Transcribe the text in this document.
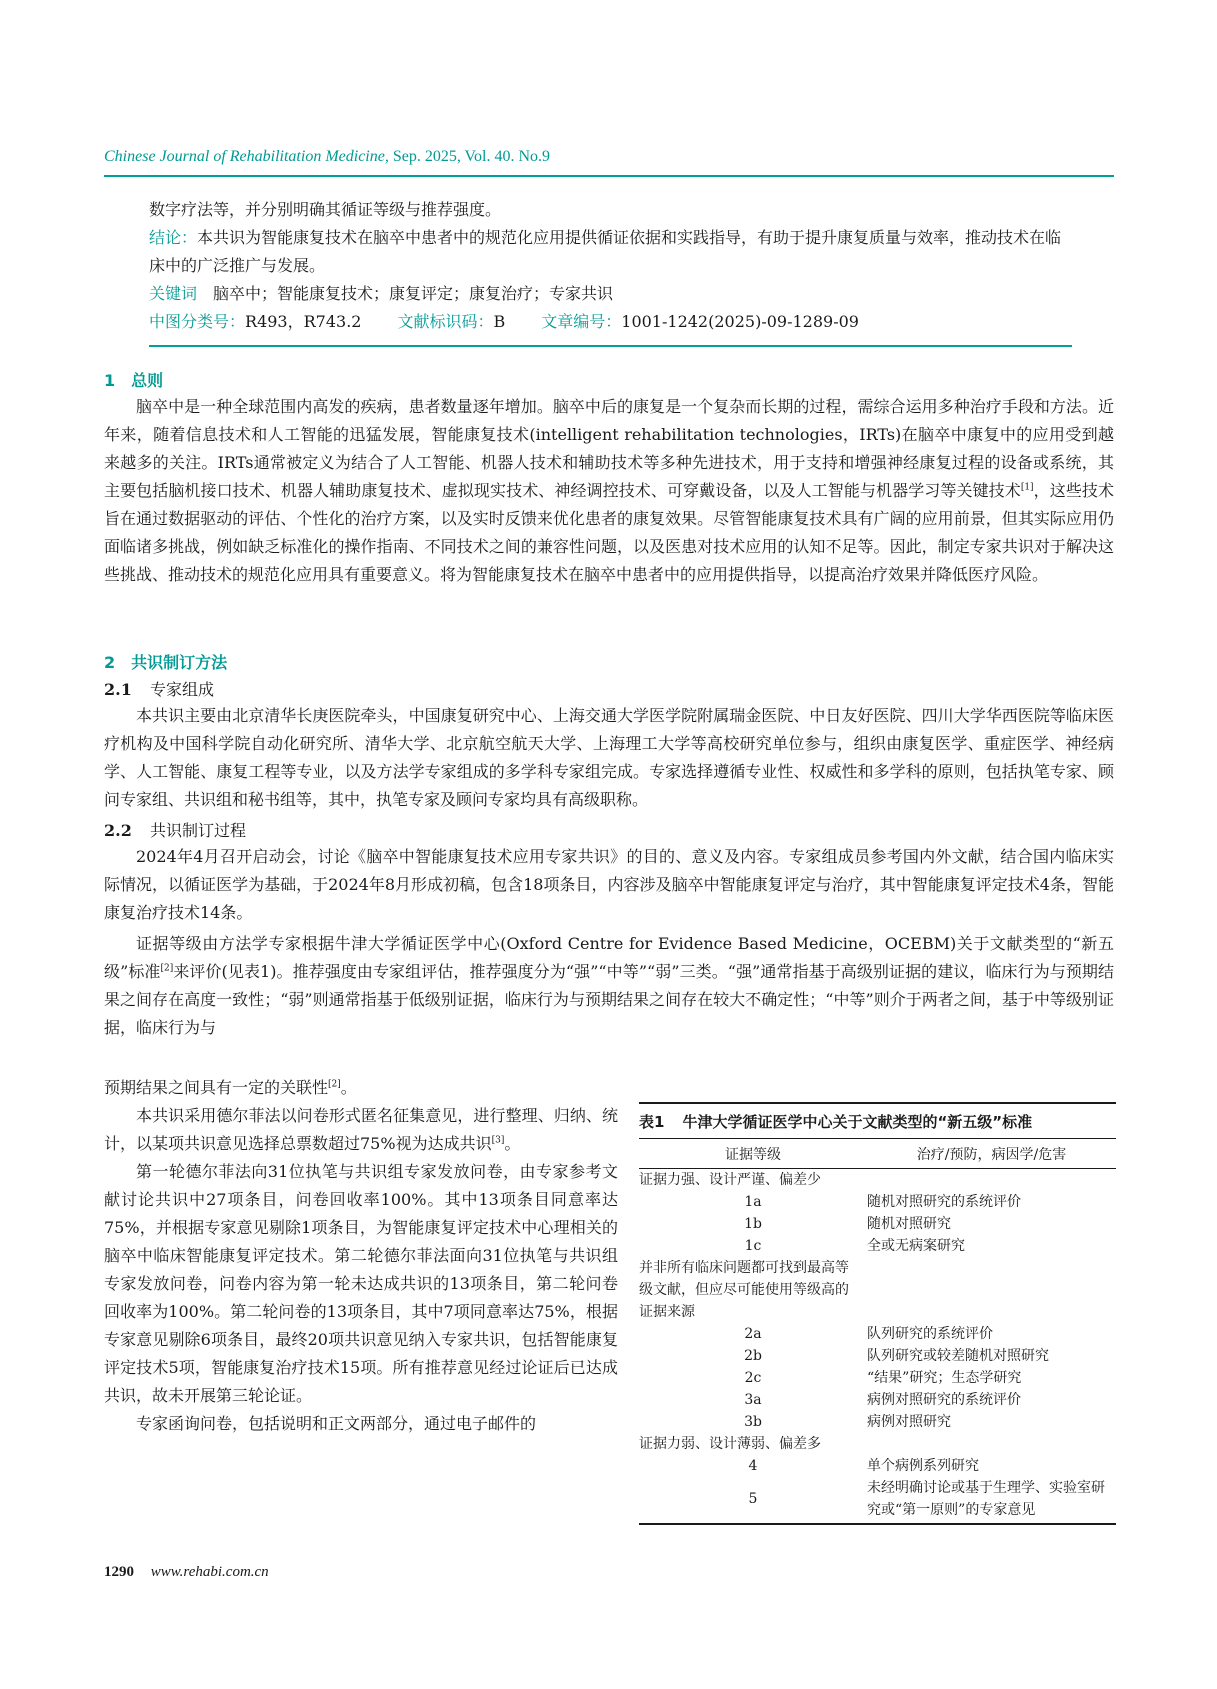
Chinese Journal of Rehabilitation Medicine, Sep. 2025, Vol. 40. No.9

数字疗法等，并分别明确其循证等级与推荐强度。

结论：本共识为智能康复技术在脑卒中患者中的规范化应用提供循证依据和实践指导，有助于提升康复质量与效率，推动技术在临床中的广泛推广与发展。

关键词 脑卒中；智能康复技术；康复评定；康复治疗；专家共识

中图分类号：R493，R743.2 文献标识码：B 文章编号：1001-1242(2025)-09-1289-09

1　总则
脑卒中是一种全球范围内高发的疾病，患者数量逐年增加。脑卒中后的康复是一个复杂而长期的过程，需综合运用多种治疗手段和方法。近年来，随着信息技术和人工智能的迅猛发展，智能康复技术(intelligent rehabilitation technologies，IRTs)在脑卒中康复中的应用受到越来越多的关注。IRTs通常被定义为结合了人工智能、机器人技术和辅助技术等多种先进技术，用于支持和增强神经康复过程的设备或系统，其主要包括脑机接口技术、机器人辅助康复技术、虚拟现实技术、神经调控技术、可穿戴设备，以及人工智能与机器学习等关键技术[1]，这些技术旨在通过数据驱动的评估、个性化的治疗方案，以及实时反馈来优化患者的康复效果。尽管智能康复技术具有广阔的应用前景，但其实际应用仍面临诸多挑战，例如缺乏标准化的操作指南、不同技术之间的兼容性问题，以及医患对技术应用的认知不足等。因此，制定专家共识对于解决这些挑战、推动技术的规范化应用具有重要意义。将为智能康复技术在脑卒中患者中的应用提供指导，以提高治疗效果并降低医疗风险。
2　共识制订方法
2.1 专家组成
本共识主要由北京清华长庚医院牵头，中国康复研究中心、上海交通大学医学院附属瑞金医院、中日友好医院、四川大学华西医院等临床医疗机构及中国科学院自动化研究所、清华大学、北京航空航天大学、上海理工大学等高校研究单位参与，组织由康复医学、重症医学、神经病学、人工智能、康复工程等专业，以及方法学专家组成的多学科专家组完成。专家选择遵循专业性、权威性和多学科的原则，包括执笔专家、顾问专家组、共识组和秘书组等，其中，执笔专家及顾问专家均具有高级职称。
2.2 共识制订过程
2024年4月召开启动会，讨论《脑卒中智能康复技术应用专家共识》的目的、意义及内容。专家组成员参考国内外文献，结合国内临床实际情况，以循证医学为基础，于2024年8月形成初稿，包含18项条目，内容涉及脑卒中智能康复评定与治疗，其中智能康复评定技术4条，智能康复治疗技术14条。
证据等级由方法学专家根据牛津大学循证医学中心(Oxford Centre for Evidence Based Medicine，OCEBM)关于文献类型的“新五级”标准[2]来评价(见表1)。推荐强度由专家组评估，推荐强度分为“强”“中等”“弱”三类。“强”通常指基于高级别证据的建议，临床行为与预期结果之间存在高度一致性；“弱”则通常指基于低级别证据，临床行为与预期结果之间存在较大不确定性；“中等”则介于两者之间，基于中等级别证据，临床行为与
预期结果之间具有一定的关联性[2]。

本共识采用德尔菲法以问卷形式匿名征集意见，进行整理、归纳、统计，以某项共识意见选择总票数超过75%视为达成共识[3]。

第一轮德尔菲法向31位执笔与共识组专家发放问卷，由专家参考文献讨论共识中27项条目，问卷回收率100%。其中13项条目同意率达75%，并根据专家意见剔除1项条目，为智能康复评定技术中心理相关的脑卒中临床智能康复评定技术。第二轮德尔菲法面向31位执笔与共识组专家发放问卷，问卷内容为第一轮未达成共识的13项条目，第二轮问卷回收率为100%。第二轮问卷的13项条目，其中7项同意率达75%，根据专家意见剔除6项条目，最终20项共识意见纳入专家共识，包括智能康复评定技术5项，智能康复治疗技术15项。所有推荐意见经过论证后已达成共识，故未开展第三轮论证。

专家函询问卷，包括说明和正文两部分，通过电子邮件的

表1 牛津大学循证医学中心关于文献类型的“新五级”标准
证据等级	治疗/预防，病因学/危害
证据力强、设计严谨、偏差少	
1a	随机对照研究的系统评价
1b	随机对照研究
1c	全或无病案研究
并非所有临床问题都可找到最高等级文献，但应尽可能使用等级高的证据来源	
2a	队列研究的系统评价
2b	队列研究或较差随机对照研究
2c	“结果”研究；生态学研究
3a	病例对照研究的系统评价
3b	病例对照研究
证据力弱、设计薄弱、偏差多	
4	单个病例系列研究
5	未经明确讨论或基于生理学、实验室研究或“第一原则”的专家意见
1290 www.rehabi.com.cn
